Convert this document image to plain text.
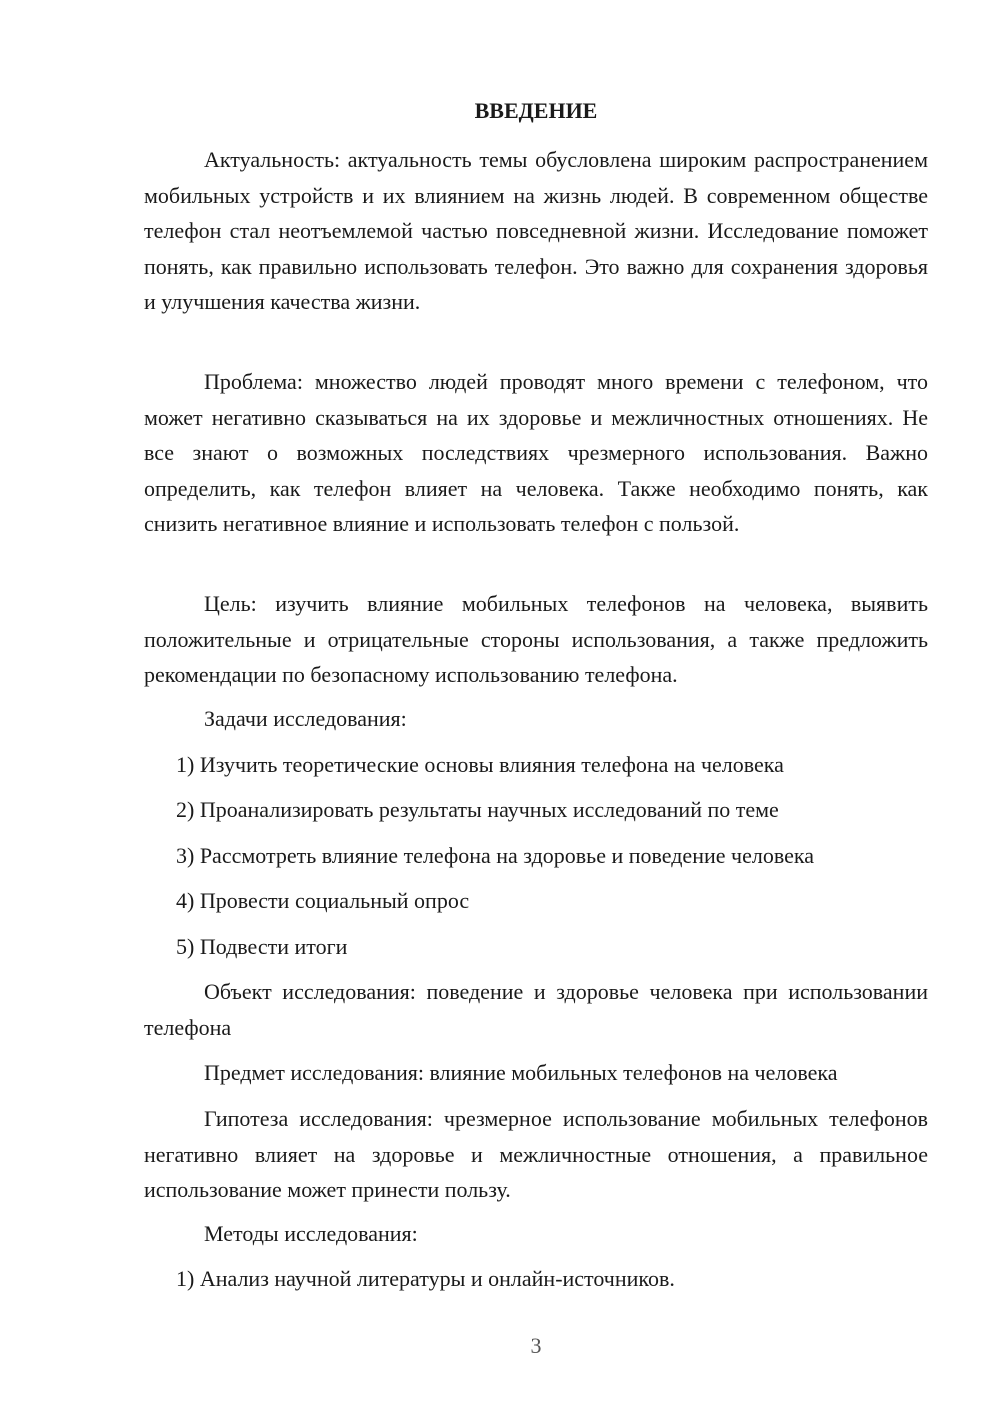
ВВЕДЕНИЕ
Актуальность: актуальность темы обусловлена широким распространением мобильных устройств и их влиянием на жизнь людей. В современном обществе телефон стал неотъемлемой частью повседневной жизни. Исследование поможет понять, как правильно использовать телефон. Это важно для сохранения здоровья и улучшения качества жизни.
Проблема: множество людей проводят много времени с телефоном, что может негативно сказываться на их здоровье и межличностных отношениях. Не все знают о возможных последствиях чрезмерного использования. Важно определить, как телефон влияет на человека. Также необходимо понять, как снизить негативное влияние и использовать телефон с пользой.
Цель: изучить влияние мобильных телефонов на человека, выявить положительные и отрицательные стороны использования, а также предложить рекомендации по безопасному использованию телефона.
Задачи исследования:
1) Изучить теоретические основы влияния телефона на человека
2) Проанализировать результаты научных исследований по теме
3) Рассмотреть влияние телефона на здоровье и поведение человека
4) Провести социальный опрос
5) Подвести итоги
Объект исследования: поведение и здоровье человека при использовании телефона
Предмет исследования: влияние мобильных телефонов на человека
Гипотеза исследования: чрезмерное использование мобильных телефонов негативно влияет на здоровье и межличностные отношения, а правильное использование может принести пользу.
Методы исследования:
1) Анализ научной литературы и онлайн-источников.
3
